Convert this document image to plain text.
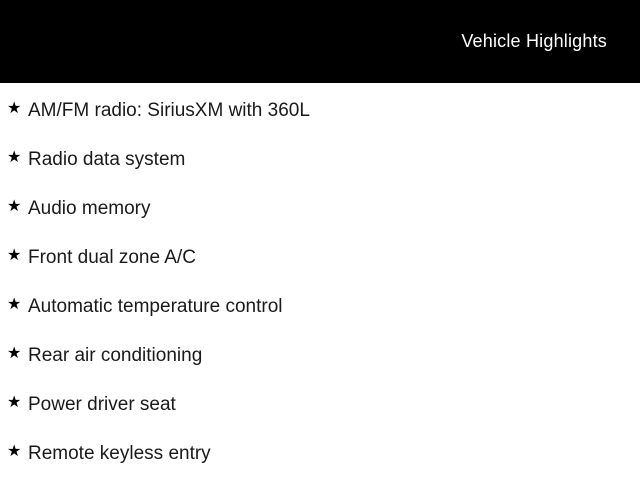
Vehicle Highlights
★ AM/FM radio: SiriusXM with 360L
★ Radio data system
★ Audio memory
★ Front dual zone A/C
★ Automatic temperature control
★ Rear air conditioning
★ Power driver seat
★ Remote keyless entry
